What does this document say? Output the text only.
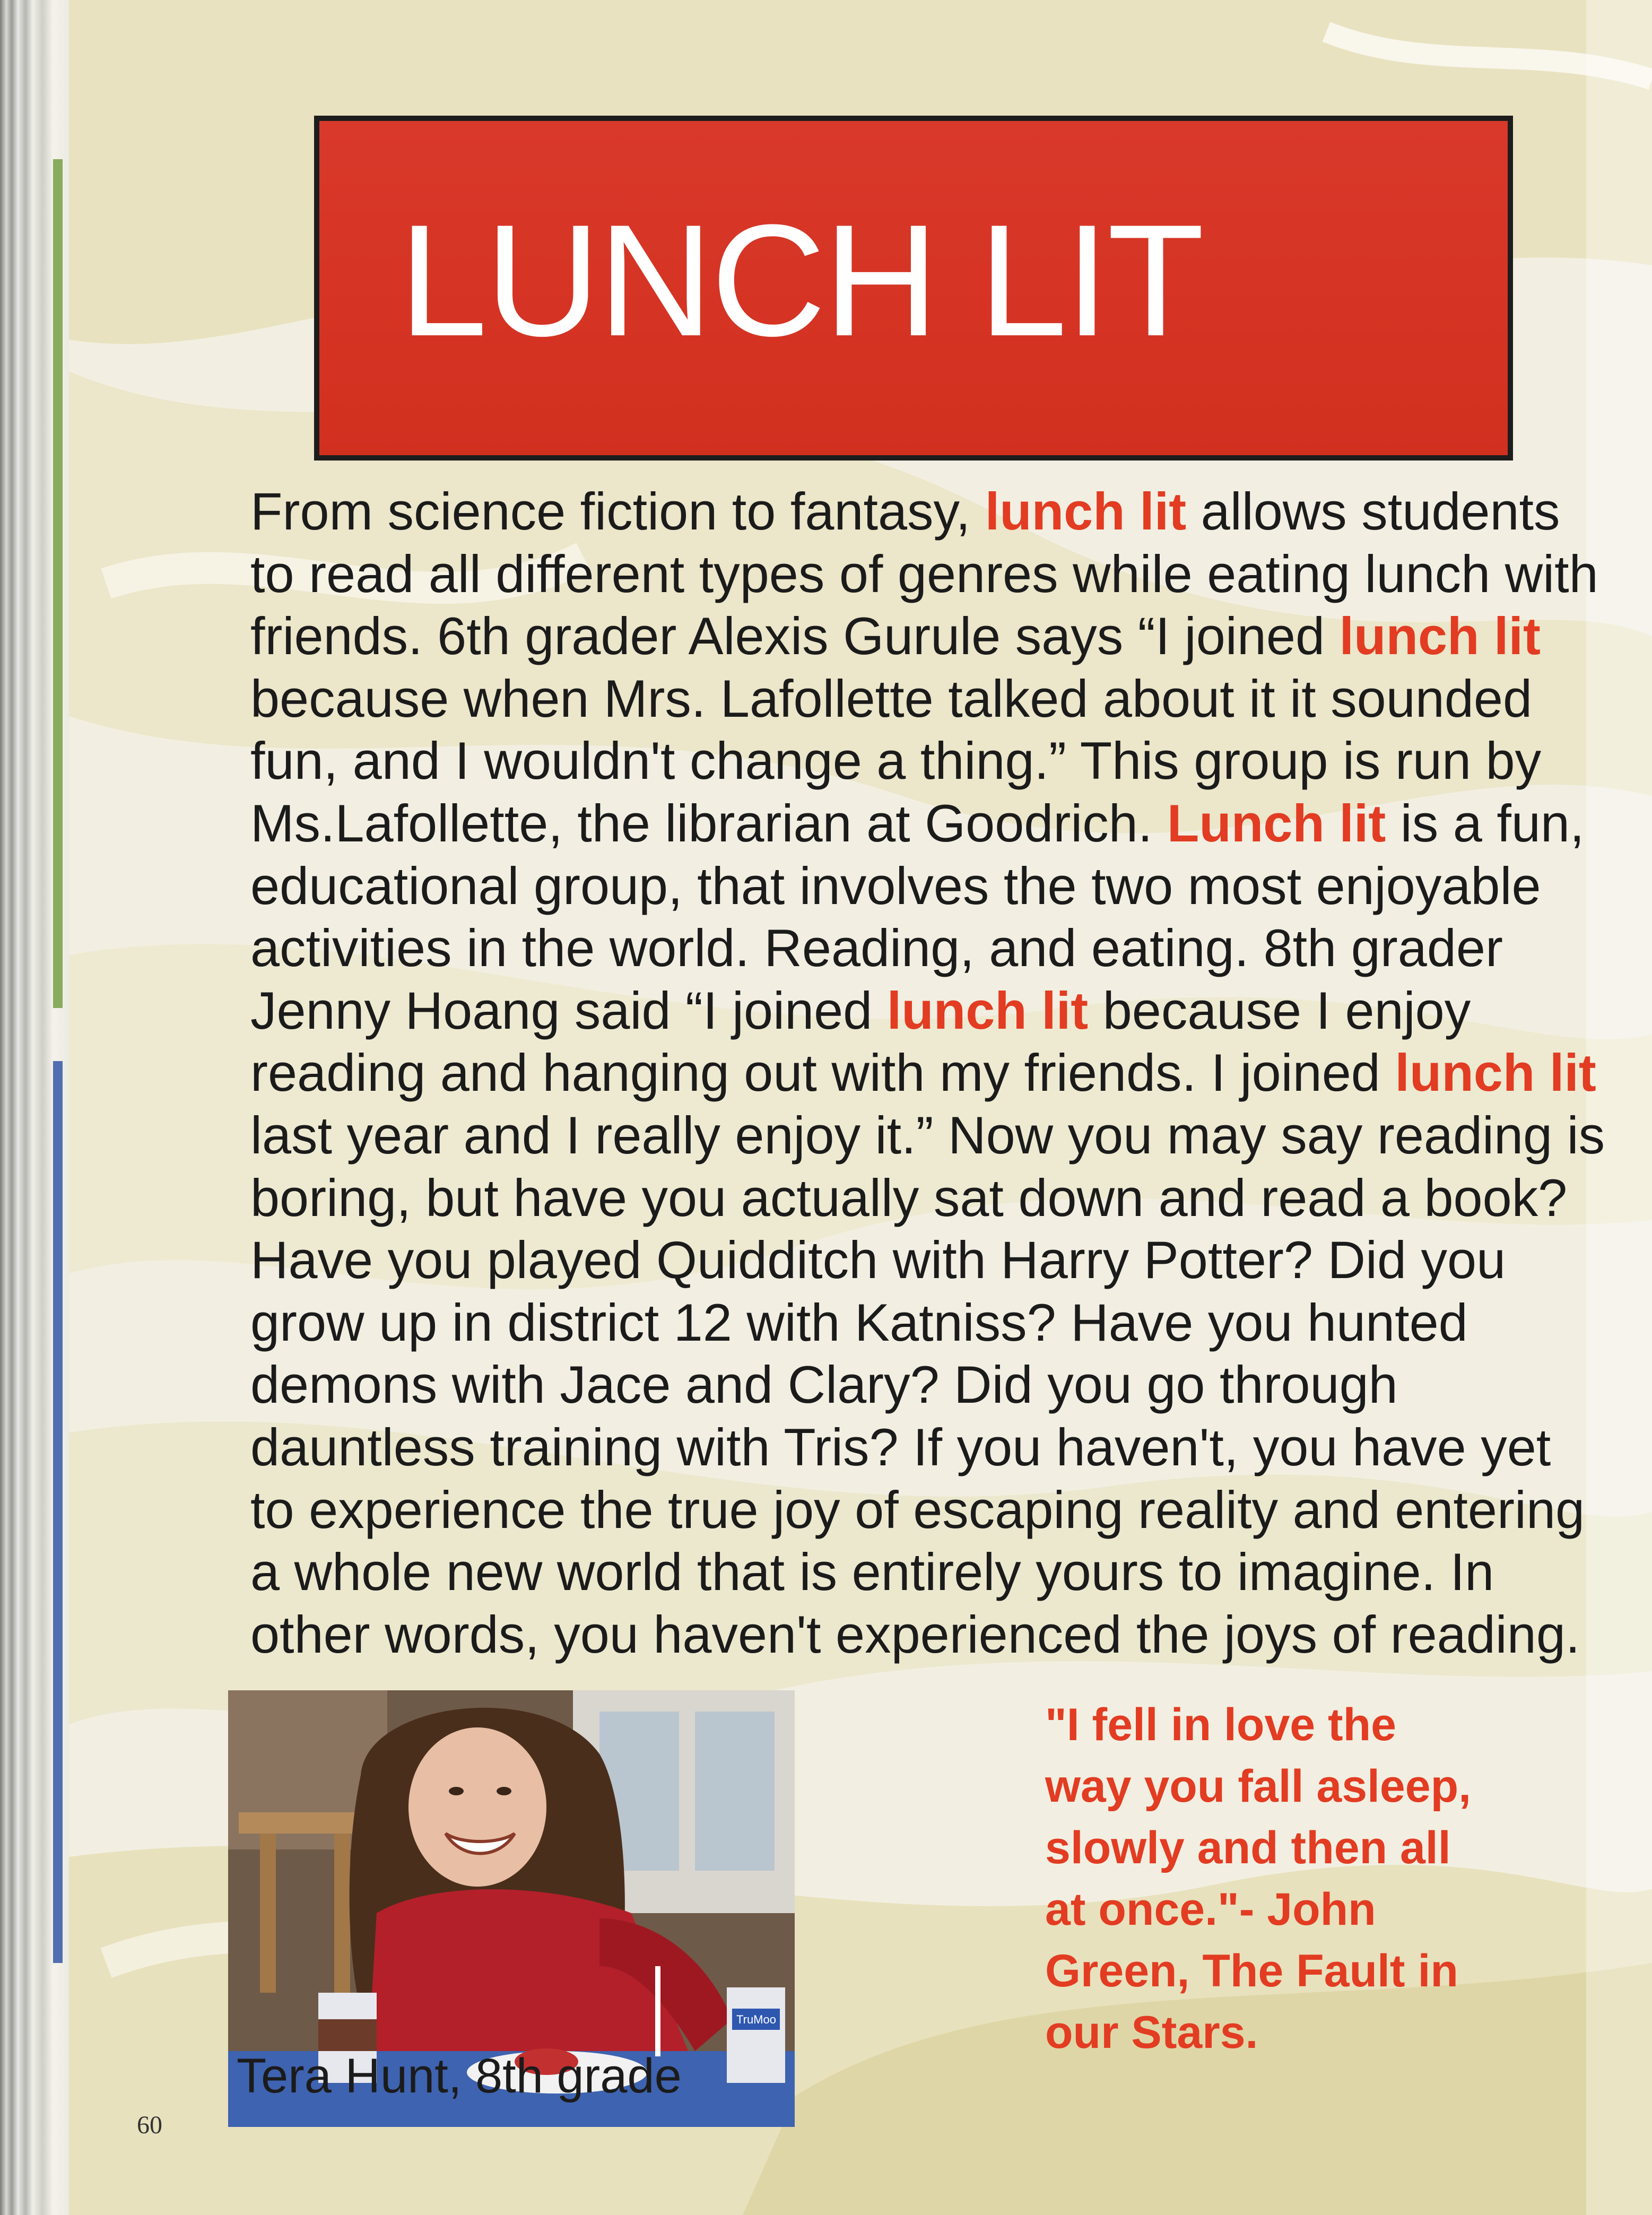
LUNCH LIT
From science fiction to fantasy, lunch lit allows students
to read all different types of genres while eating lunch with
friends. 6th grader Alexis Gurule says “I joined lunch lit
because when Mrs. Lafollette talked about it it sounded
fun, and I wouldn't change a thing.” This group is run by
Ms.Lafollette, the librarian at Goodrich. Lunch lit is a fun,
educational group, that involves the two most enjoyable
activities in the world. Reading, and eating. 8th grader
Jenny Hoang said “I joined lunch lit because I enjoy
reading and hanging out with my friends. I joined lunch lit
last year and I really enjoy it.” Now you may say reading is
boring, but have you actually sat down and read a book?
Have you played Quidditch with Harry Potter? Did you
grow up in district 12 with Katniss? Have you hunted
demons with Jace and Clary? Did you go through
dauntless training with Tris? If you haven't, you have yet
to experience the true joy of escaping reality and entering
a whole new world that is entirely yours to imagine. In
other words, you haven't experienced the joys of reading.
TruMoo
Tera Hunt, 8th grade
"I fell in love the
way you fall asleep,
slowly and then all
at once."- John
Green, The Fault in
our Stars.
60
